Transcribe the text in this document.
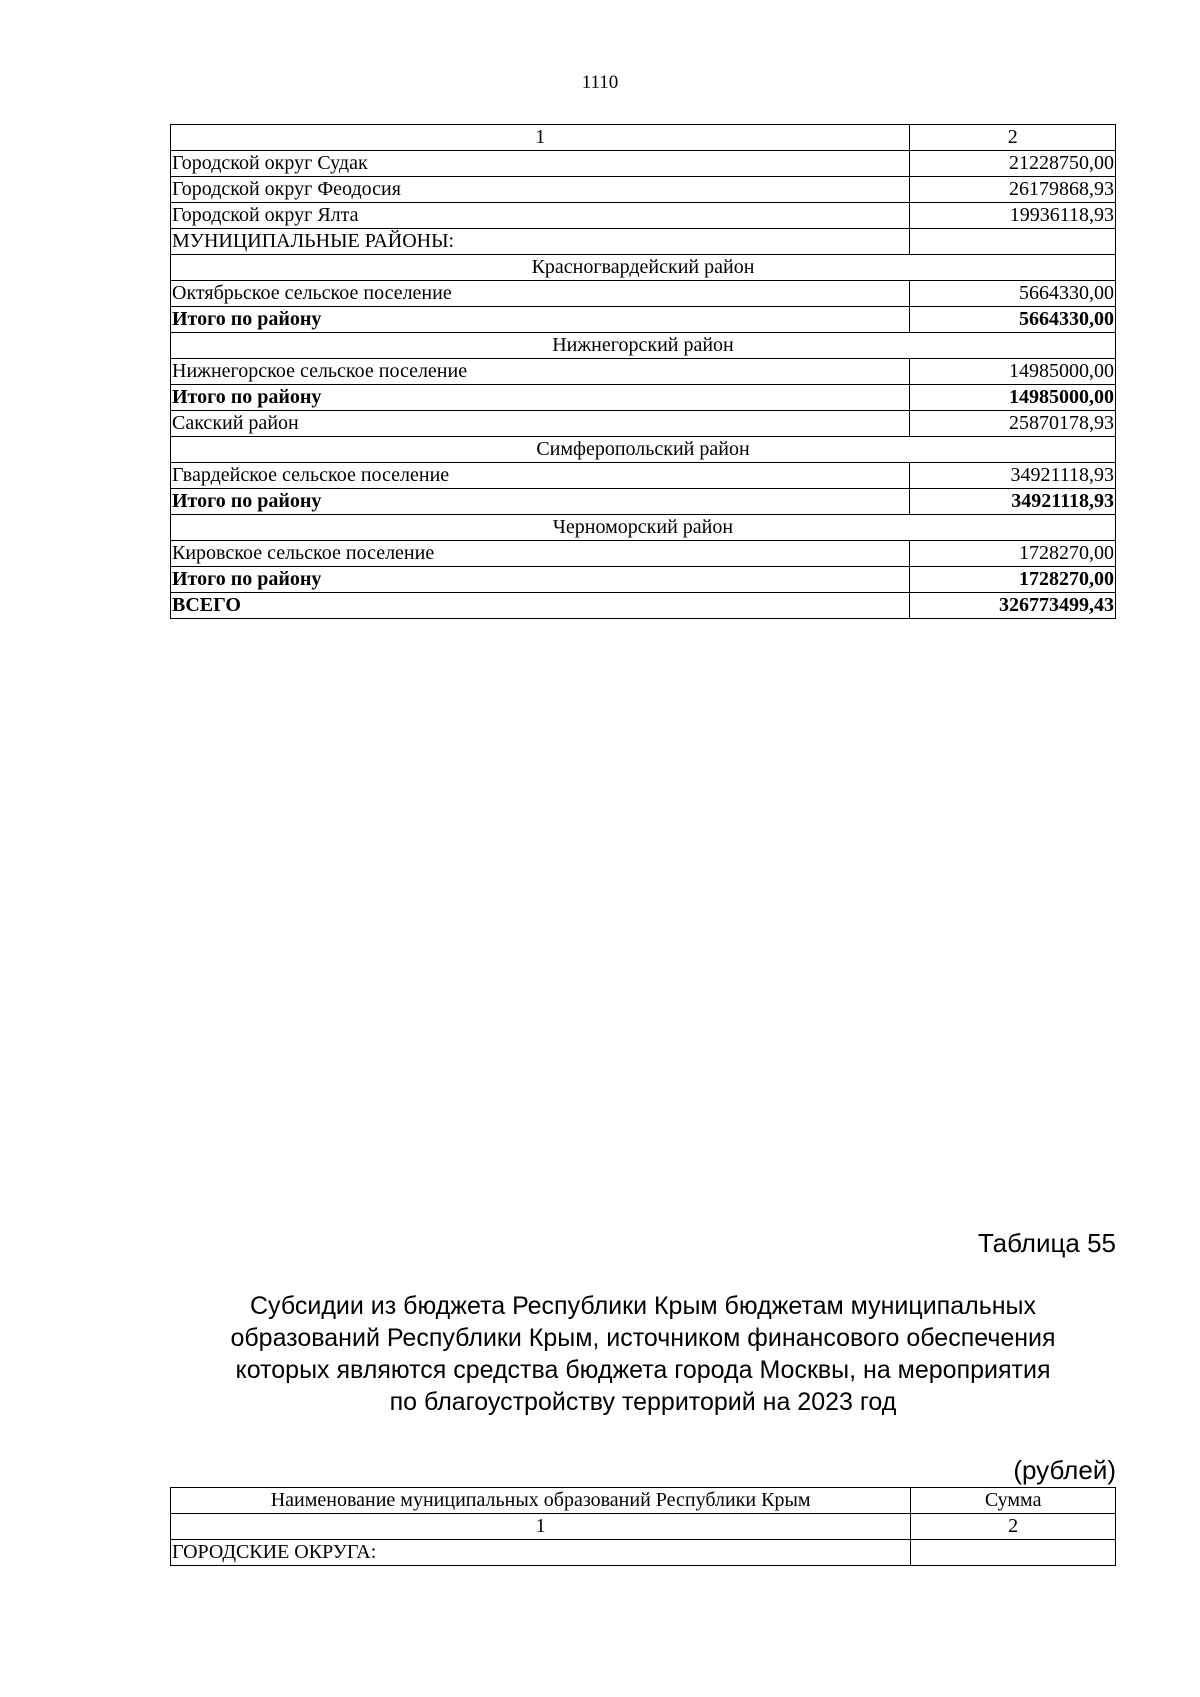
1110
1	2
Городской округ Судак	21228750,00
Городской округ Феодосия	26179868,93
Городской округ Ялта	19936118,93
МУНИЦИПАЛЬНЫЕ РАЙОНЫ:	
Красногвардейский район	
Октябрьское сельское поселение	5664330,00
Итого по району	5664330,00
Нижнегорский район	
Нижнегорское сельское поселение	14985000,00
Итого по району	14985000,00
Сакский район	25870178,93
Симферопольский район	
Гвардейское сельское поселение	34921118,93
Итого по району	34921118,93
Черноморский район	
Кировское сельское поселение	1728270,00
Итого по району	1728270,00
ВСЕГО	326773499,43
Таблица 55
Субсидии из бюджета Республики Крым бюджетам муниципальных
образований Республики Крым, источником финансового обеспечения
которых являются средства бюджета города Москвы, на мероприятия
по благоустройству территорий на 2023 год
(рублей)
Наименование муниципальных образований Республики Крым	Сумма
1	2
ГОРОДСКИЕ ОКРУГА:	
